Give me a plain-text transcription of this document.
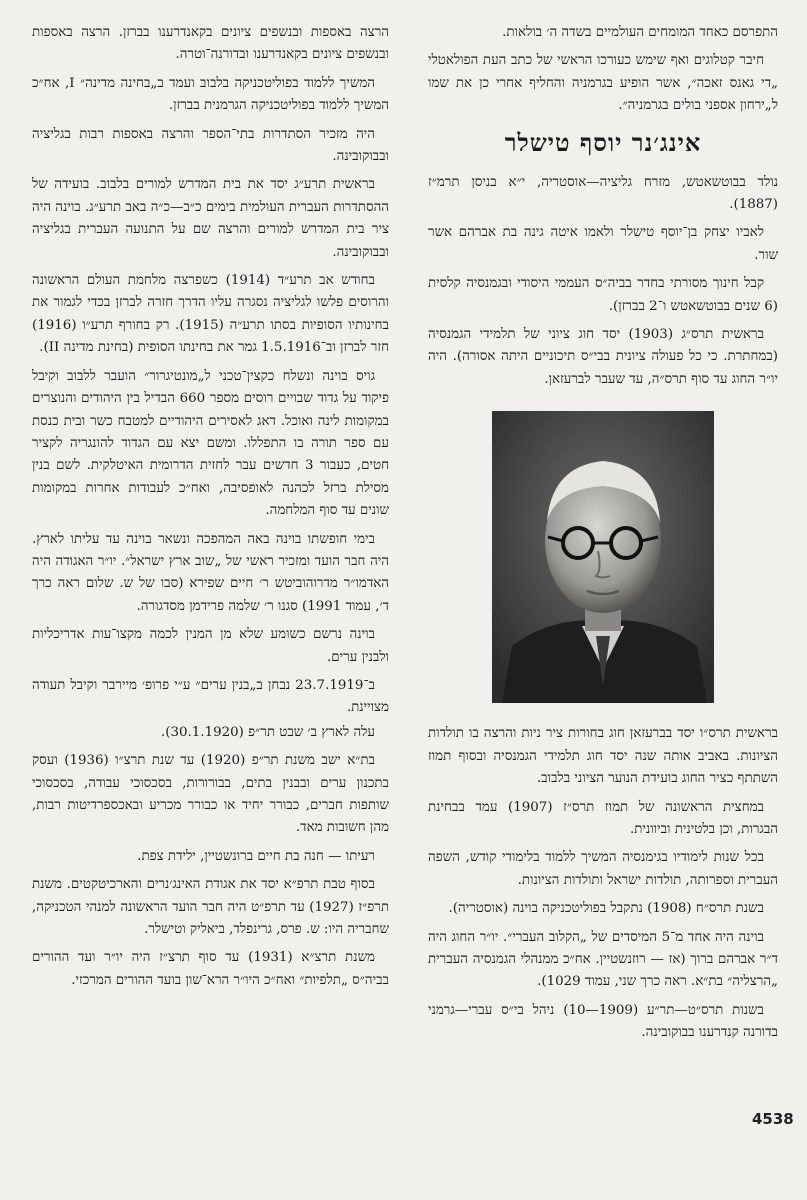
התפרסם כאחד המומחים העולמיים בשדה ה׳ בולאות.

חיבר קטלוגים ואף שימש כעורכו הראשי של כתב העת הפולאטלי „די גאנס זאכה״, אשר הופיע בגרמניה והחליף אחרי כן את שמו ל„ירחון אספני בולים בגרמניה״.

אינג׳נר יוסף טישלר

נולד בבוטשאטש, מזרח גליציה—אוסטריה, י״א בניסן תרמ״ז (1887).

לאביו יצחק בן־יוסף טישלר ולאמו איטה גינה בת אברהם אשר שור.

קבל חינוך מסורתי בחדר בביה״ס העממי היסודי ובגמנסיה קלסית (6 שנים בבוטשאטש ו־2 בברזן).

בראשית תרס״ג (1903) יסד חוג ציוני של תלמידי הגמנסיה (במחתרת. כי כל פעולה ציונית בבי״ס תיכוניים היתה אסורה). היה יו״ר החוג עד סוף תרס״ה, עד שעבר לברעזאן.

בראשית תרס״ו יסד בברעזאן חוג בחורות ציר ניות והרצה בו תולדות הציונות. באביב אותה שנה יסד חוג תלמידי הגמנסיה ובסוף תמוז השתתף כציר החוג בועידת הנוער הציוני בלבוב.

במחצית הראשונה של תמוז תרס״ז (1907) עמד בבחינת הבגרות, וכן בלטינית וביוונית.

בכל שנות לימודיו בגימנסיה המשיך ללמוד בלימודי קודש, השפה העברית וספרותה, תולדות ישראל ותולדות הציונות.

בשנת תרס״ח (1908) נתקבל בפוליטכניקה בוינה (אוסטריה).

בוינה היה אחד מ־5 המיסדים של „הקלוב העברי״. יו״ר החוג היה ד״ר אברהם ברוך (אז — רוזנשטיין. אח״כ ממנהלי הגמנסיה העברית „הרצליה״ בת״א. ראה כרך שני, עמוד 1029).

בשנות תרס״ט—תר״ע (1909—10) ניהל בי״ס עברי—גרמני בדורנה קנדרענו בבוקובינה.

הרצה באספות ובנשפים ציונים בקאנדרענו בברזן. הרצה באספות ובנשפים ציונים בקאנדרענו ובדורנה־וטרה.

המשיך ללמוד בפוליטכניקה בלבוב ועמד ב„בחינה מדינה״ I, אח״כ המשיך ללמוד בפוליטכניקה הגרמנית בברזן.

היה מזכיר הסתדרות בתי־הספר והרצה באספות רבות בגליציה ובבוקובינה.

בראשית תרע״ג יסד את בית המדרש למורים בלבוב. בועידה של ההסתדרות העברית העולמית בימים כ״ב—כ״ה באב תרע״ג. בוינה היה ציר בית המדרש למורים והרצה שם על התנועה העברית בגליציה ובבוקובינה.

בחודש אב תרע״ד (1914) כשפרצה מלחמת העולם הראשונה והרוסים פלשו לגליציה נסגרה עליו הדרך חזרה לברזן בכדי לגמור את בחינותיו הסופיות בסתו תרע״ה (1915). רק בחורף תרע״ו (1916) חזר לברזן וב־1.5.1916 גמר את בחינתו הסופית (בחינת מדינה II).

גויס בוינה ונשלח כקצין־טכני ל„מונטיגרור״ הועבר ללבוב וקיבל פיקוד על גדוד שבויים רוסים מספר 660 הבדיל בין היהודים והנוצרים במקומות לינה ואוכל. דאג לאסירים היהודיים למטבח כשר ובית כנסת עם ספר תורה בו התפללו. ומשם יצא עם הגדוד להונגריה לקציר חטים, כעבור 3 חדשים עבר לחזית הדרומית האיטלקית. לשם בנין מסילת ברזל לכהנה לאופסיבה, ואח״כ לעבודות אחרות במקומות שונים עד סוף המלחמה.

בימי חופשתו בוינה באה המהפכה ונשאר בוינה עד עליתו לארץ. היה חבר הועד ומזכיר ראשי של „שוב ארץ ישראל״. יו״ר האגודה היה האדמו״ר מדרוהוביטש ר׳ חיים שפירא (סבו של ש. שלום ראה כרך ד׳, עמוד 1991) סגנו ר׳ שלמה פרידמן מסדגורה.

בוינה נרשם כשומע שלא מן המנין לכמה מקצו־עות אדריכליות ולבנין ערים.

ב־23.7.1919 נבחן ב„בנין ערים״ ע״י פרופ׳ מיירבר וקיבל תעודה מצויינת.

עלה לארץ ב׳ שבט תר״פ (30.1.1920).

בת״א ישב משנת תר״פ (1920) עד שנת תרצ״ו (1936) ועסק בתכנון ערים ובבנין בתים, בבורורות, בסכסוכי עבודה, בסכסוכי שותפות חברים, כבורר יחיד או כבורר מכריע ובאכספרדיטות רבות, מהן חשובות מאד.

רעיתו — חנה בת חיים ברונשטיין, ילידת צפת.

בסוף טבת תרפ״א יסד את אגודת האינג׳נרים והארכיטקטים. משנת תרפ״ז (1927) עד תרפ״ט היה חבר הועד הראשונה למנהי הטכניקה, שחבריה היו: ש. פרס, גרינפלד, ביאליק וטישלר.

משנת תרצ״א (1931) עד סוף תרצ״ז היה יו״ר ועד ההורים בביה״ס „תלפיות״ ואח״כ היו״ר הרא־שון בועד ההורים המרכזי.

4538
